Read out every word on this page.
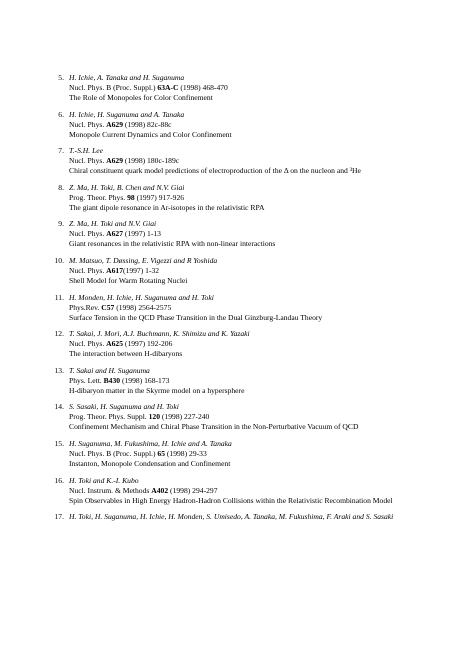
5. H. Ichie, A. Tanaka and H. Suganuma
Nucl. Phys. B (Proc. Suppl.) 63A-C (1998) 468-470
The Role of Monopoles for Color Confinement
6. H. Ichie, H. Suganuma and A. Tanaka
Nucl. Phys. A629 (1998) 82c-88c
Monopole Current Dynamics and Color Confinement
7. T.-S.H. Lee
Nucl. Phys. A629 (1998) 180c-189c
Chiral constituent quark model predictions of electroproduction of the Δ on the nucleon and ³He
8. Z. Ma, H. Toki, B. Chen and N.V. Giai
Prog. Theor. Phys. 98 (1997) 917-926
The giant dipole resonance in Ar-isotopes in the relativistic RPA
9. Z. Ma, H. Toki and N.V. Giai
Nucl. Phys. A627 (1997) 1-13
Giant resonances in the relativistic RPA with non-linear interactions
10. M. Matsuo, T. Døssing, E. Vigezzi and R Yoshida
Nucl. Phys. A617(1997) 1-32
Shell Model for Warm Rotating Nuclei
11. H. Monden, H. Ichie, H. Suganuma and H. Toki
Phys.Rev. C57 (1998) 2564-2575
Surface Tension in the QCD Phase Transition in the Dual Ginzburg-Landau Theory
12. T. Sakai, J. Mori, A.J. Buchmann, K. Shimizu and K. Yazaki
Nucl. Phys. A625 (1997) 192-206
The interaction between H-dibaryons
13. T. Sakai and H. Suganuma
Phys. Lett. B430 (1998) 168-173
H-dibaryon matter in the Skyrme model on a hypersphere
14. S. Sasaki, H. Suganuma and H. Toki
Prog. Theor. Phys. Suppl. 120 (1998) 227-240
Confinement Mechanism and Chiral Phase Transition in the Non-Perturbative Vacuum of QCD
15. H. Suganuma, M. Fukushima, H. Ichie and A. Tanaka
Nucl. Phys. B (Proc. Suppl.) 65 (1998) 29-33
Instanton, Monopole Condensation and Confinement
16. H. Toki and K.-I. Kubo
Nucl. Instrum. & Methods A402 (1998) 294-297
Spin Observables in High Energy Hadron-Hadron Collisions within the Relativistic Recombination Model
17. H. Toki, H. Suganuma, H. Ichie, H. Monden, S. Umisedo, A. Tanaka, M. Fukushima, F. Araki and S. Sasaki
